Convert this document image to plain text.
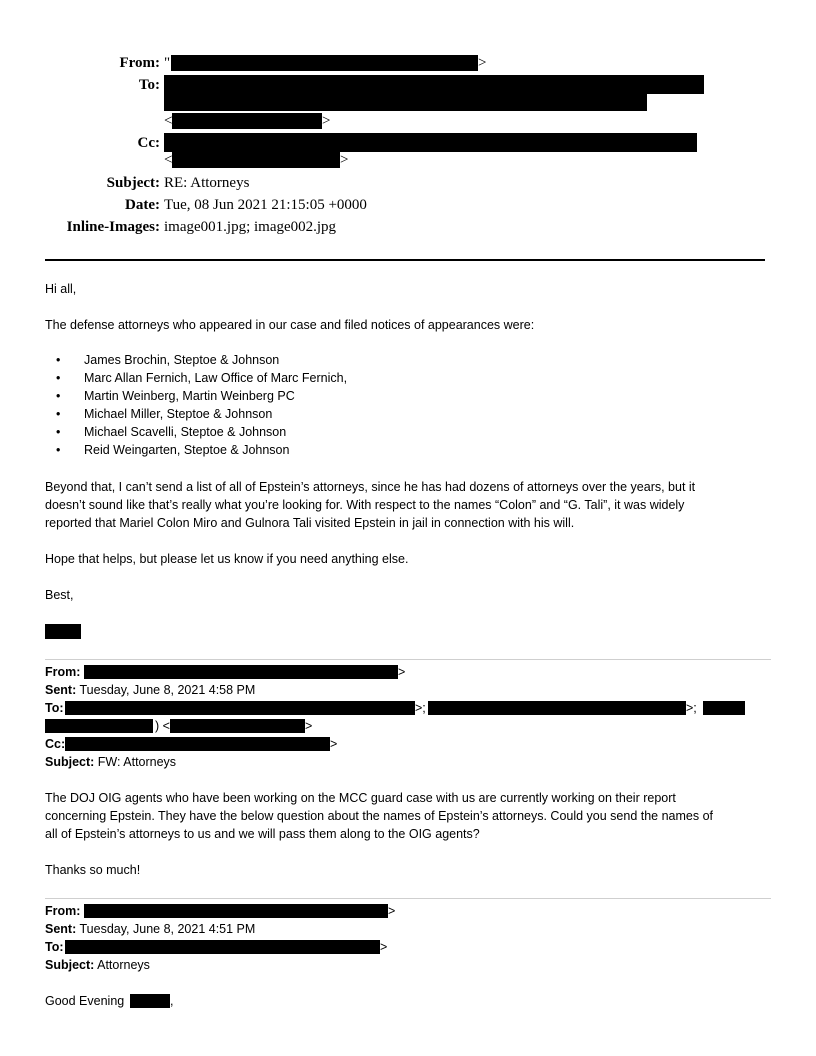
From: "	>
To:
<	>
Cc:
<	>
Subject: RE: Attorneys
Date: Tue, 08 Jun 2021 21:15:05 +0000
Inline-Images: image001.jpg; image002.jpg
Hi all,
The defense attorneys who appeared in our case and filed notices of appearances were:
• James Brochin, Steptoe & Johnson
• Marc Allan Fernich, Law Office of Marc Fernich,
• Martin Weinberg, Martin Weinberg PC
• Michael Miller, Steptoe & Johnson
• Michael Scavelli, Steptoe & Johnson
• Reid Weingarten, Steptoe & Johnson
Beyond that, I can’t send a list of all of Epstein’s attorneys, since he has had dozens of attorneys over the years, but it
doesn’t sound like that’s really what you’re looking for. With respect to the names “Colon” and “G. Tali”, it was widely
reported that Mariel Colon Miro and Gulnora Tali visited Epstein in jail in connection with his will.
Hope that helps, but please let us know if you need anything else.
Best,
From:	>
Sent: Tuesday, June 8, 2021 4:58 PM
To:	>;	>;
) <	>
Cc:	>
Subject: FW: Attorneys
The DOJ OIG agents who have been working on the MCC guard case with us are currently working on their report
concerning Epstein. They have the below question about the names of Epstein’s attorneys. Could you send the names of
all of Epstein’s attorneys to us and we will pass them along to the OIG agents?
Thanks so much!
From:	>
Sent: Tuesday, June 8, 2021 4:51 PM
To:	>
Subject: Attorneys
Good Evening	,
